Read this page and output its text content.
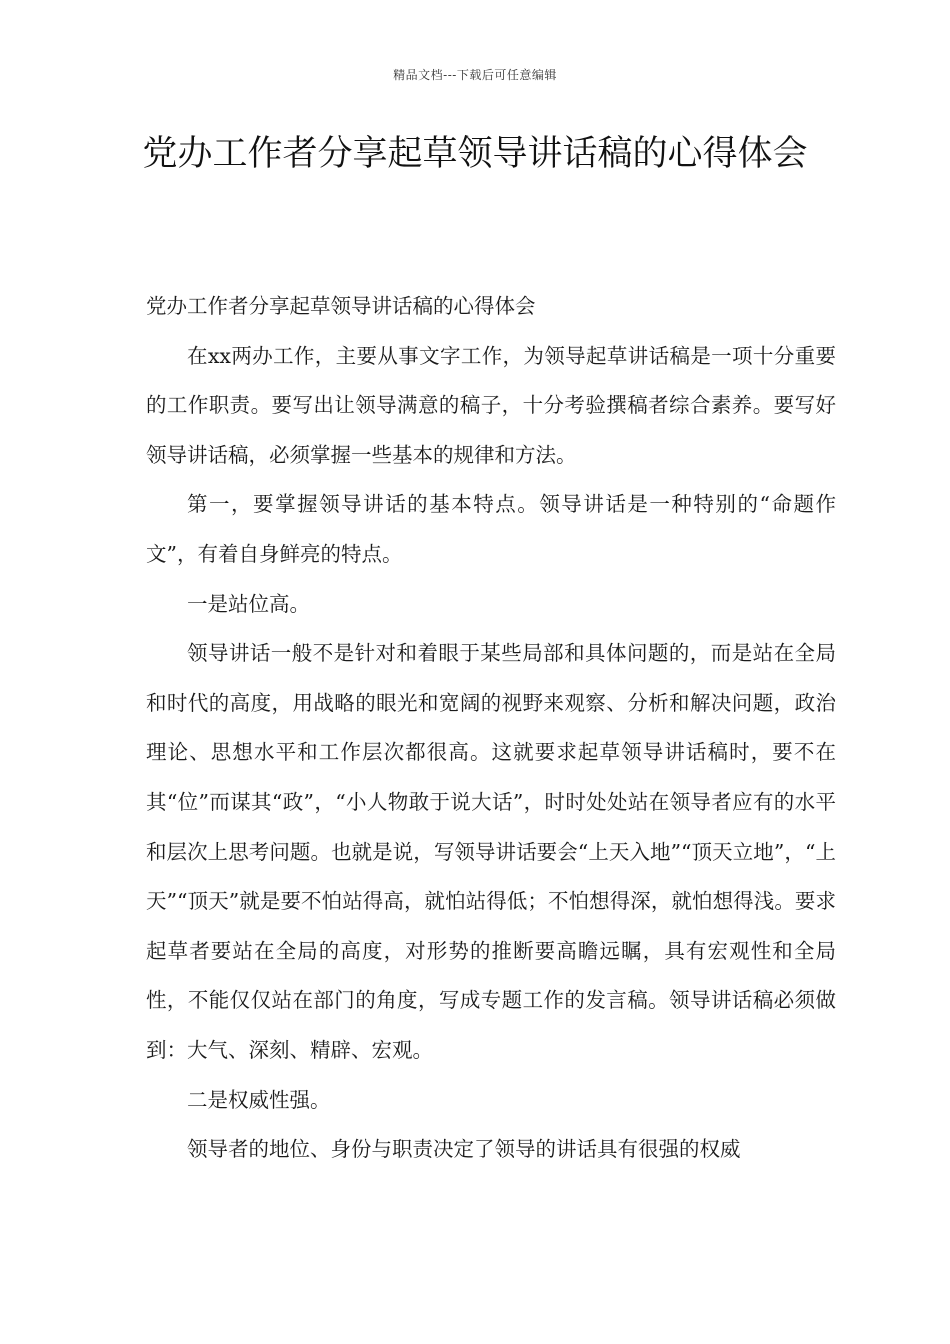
精品文档---下载后可任意编辑
党办工作者分享起草领导讲话稿的心得体会

党办工作者分享起草领导讲话稿的心得体会

在xx两办工作，主要从事文字工作，为领导起草讲话稿是一项十分重要的工作职责。要写出让领导满意的稿子，十分考验撰稿者综合素养。要写好领导讲话稿，必须掌握一些基本的规律和方法。

第一，要掌握领导讲话的基本特点。领导讲话是一种特别的“命题作文”，有着自身鲜亮的特点。

一是站位高。

领导讲话一般不是针对和着眼于某些局部和具体问题的，而是站在全局和时代的高度，用战略的眼光和宽阔的视野来观察、分析和解决问题，政治理论、思想水平和工作层次都很高。这就要求起草领导讲话稿时，要不在其“位”而谋其“政”，“小人物敢于说大话”，时时处处站在领导者应有的水平和层次上思考问题。也就是说，写领导讲话要会“上天入地”“顶天立地”，“上天”“顶天”就是要不怕站得高，就怕站得低；不怕想得深，就怕想得浅。要求起草者要站在全局的高度，对形势的推断要高瞻远瞩，具有宏观性和全局性，不能仅仅站在部门的角度，写成专题工作的发言稿。领导讲话稿必须做到：大气、深刻、精辟、宏观。

二是权威性强。

领导者的地位、身份与职责决定了领导的讲话具有很强的权威
